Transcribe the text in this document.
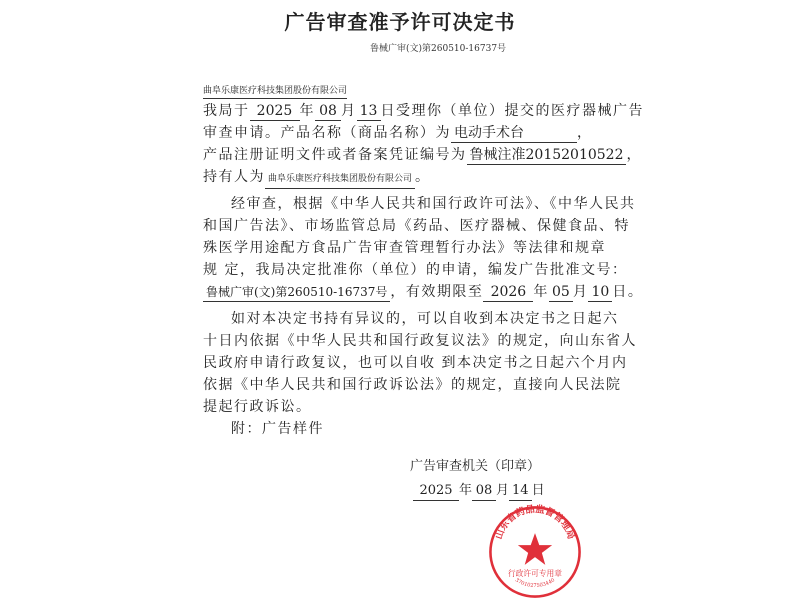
广告审查准予许可决定书
鲁械广审(文)第260510-16737号
曲阜乐康医疗科技集团股份有限公司
我局于 2025 年 08 月 13 日受理你（单位）提交的医疗器械广告
审查申请。产品名称（商品名称）为 电动手术台	，
产品注册证明文件或者备案凭证编号为 鲁械注准20152010522 ，
持有人为 曲阜乐康医疗科技集团股份有限公司 。
经审查，根据《中华人民共和国行政许可法》、《中华人民共
和国广告法》、市场监管总局《药品、医疗器械、保健食品、特
殊医学用途配方食品广告审查管理暂行办法》等法律和规章
规 定，我局决定批准你（单位）的申请，编发广告批准文号：
鲁械广审(文)第260510-16737号 ，有效期限至 2026 年 05 月 10 日。
如对本决定书持有异议的，可以自收到本决定书之日起六
十日内依据《中华人民共和国行政复议法》的规定，向山东省人
民政府申请行政复议，也可以自收 到本决定书之日起六个月内
依据《中华人民共和国行政诉讼法》的规定，直接向人民法院
提起行政诉讼。
附：广告样件
广告审查机关（印章）
2025 年 08 月 14 日
山东省药品监督管理局
行政许可专用章
3701027503440
